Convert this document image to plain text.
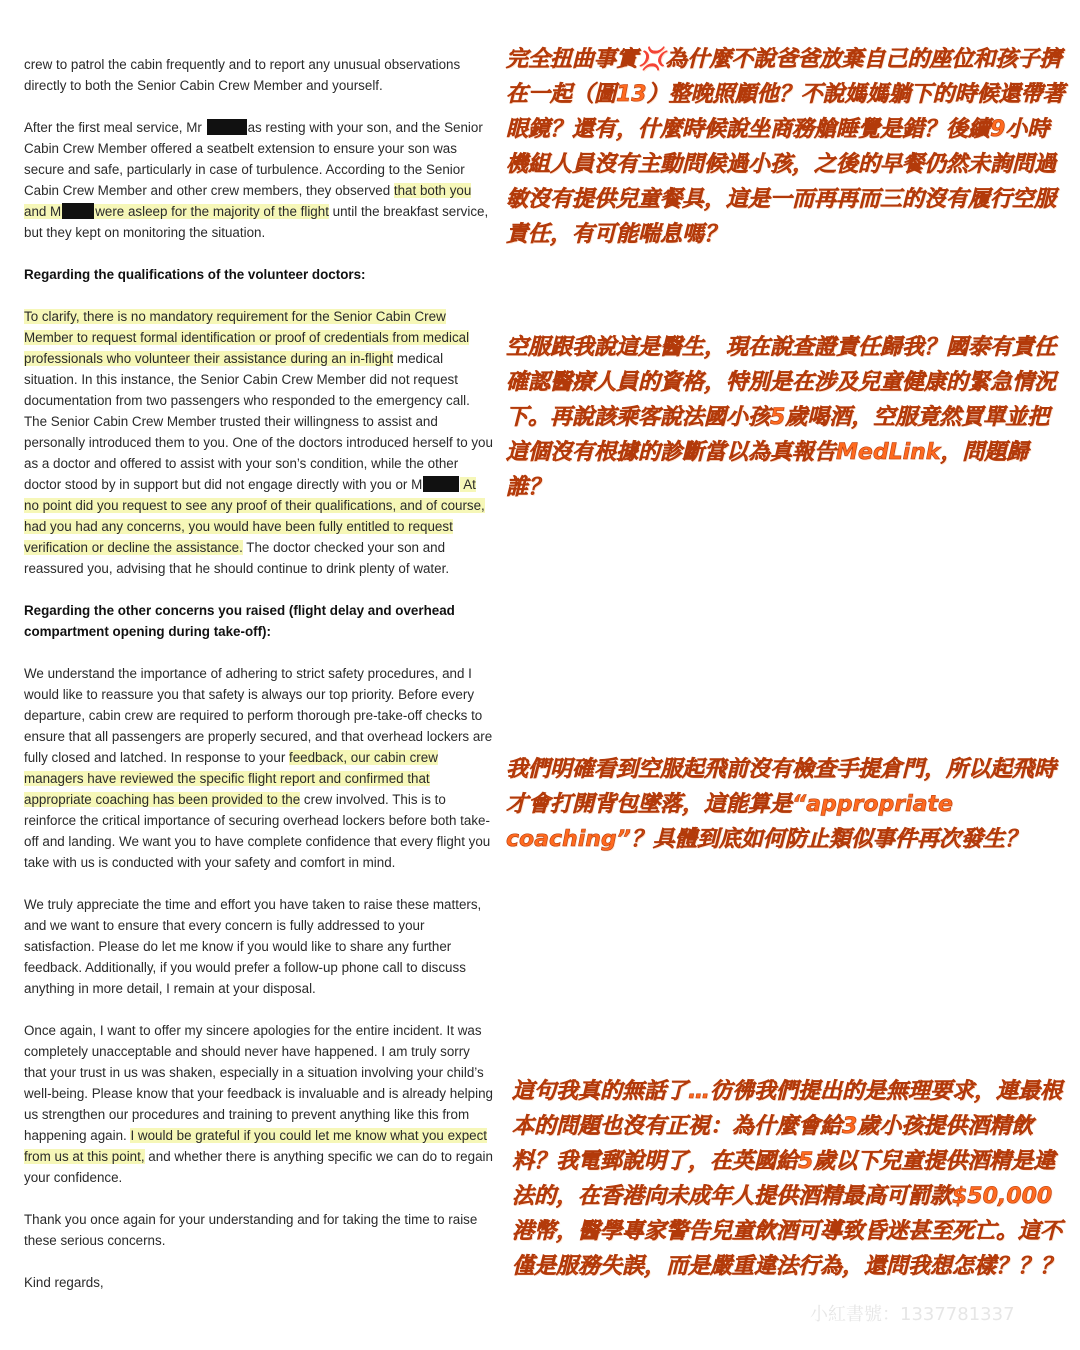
crew to patrol the cabin frequently and to report any unusual observations directly to both the Senior Cabin Crew Member and yourself.

After the first meal service, Mr	as resting with your son, and the Senior Cabin Crew Member offered a seatbelt extension to ensure your son was secure and safe, particularly in case of turbulence. According to the Senior Cabin Crew Member and other crew members, they observed that both you and M	were asleep for the majority of the flight until the breakfast service, but they kept on monitoring the situation.

Regarding the qualifications of the volunteer doctors:

To clarify, there is no mandatory requirement for the Senior Cabin Crew Member to request formal identification or proof of credentials from medical professionals who volunteer their assistance during an in-flight medical situation. In this instance, the Senior Cabin Crew Member did not request documentation from two passengers who responded to the emergency call. The Senior Cabin Crew Member trusted their willingness to assist and personally introduced them to you. One of the doctors introduced herself to you as a doctor and offered to assist with your son’s condition, while the other doctor stood by in support but did not engage directly with you or M	At no point did you request to see any proof of their qualifications, and of course, had you had any concerns, you would have been fully entitled to request verification or decline the assistance. The doctor checked your son and reassured you, advising that he should continue to drink plenty of water.

Regarding the other concerns you raised (flight delay and overhead compartment opening during take-off):

We understand the importance of adhering to strict safety procedures, and I would like to reassure you that safety is always our top priority. Before every departure, cabin crew are required to perform thorough pre-take-off checks to ensure that all passengers are properly secured, and that overhead lockers are fully closed and latched. In response to your feedback, our cabin crew managers have reviewed the specific flight report and confirmed that appropriate coaching has been provided to the crew involved. This is to reinforce the critical importance of securing overhead lockers before both take-off and landing. We want you to have complete confidence that every flight you take with us is conducted with your safety and comfort in mind.

We truly appreciate the time and effort you have taken to raise these matters, and we want to ensure that every concern is fully addressed to your satisfaction. Please do let me know if you would like to share any further feedback. Additionally, if you would prefer a follow-up phone call to discuss anything in more detail, I remain at your disposal.

Once again, I want to offer my sincere apologies for the entire incident. It was completely unacceptable and should never have happened. I am truly sorry that your trust in us was shaken, especially in a situation involving your child’s well-being. Please know that your feedback is invaluable and is already helping us strengthen our procedures and training to prevent anything like this from happening again. I would be grateful if you could let me know what you expect from us at this point, and whether there is anything specific we can do to regain your confidence.

Thank you once again for your understanding and for taking the time to raise these serious concerns.

Kind regards,

完全扭曲事實💢為什麼不說爸爸放棄自己的座位和孩子擠在一起（圖13）整晚照顧他？不說媽媽躺下的時候還帶著眼鏡？還有，什麼時候說坐商務艙睡覺是錯？後續9小時機組人員沒有主動問候過小孩，之後的早餐仍然未詢問過敏沒有提供兒童餐具，這是一而再再而三的沒有履行空服責任，有可能喘息嗎？
空服跟我說這是醫生，現在說查證責任歸我？國泰有責任確認醫療人員的資格，特別是在涉及兒童健康的緊急情況下。再說該乘客說法國小孩5歲喝酒，空服竟然買單並把這個沒有根據的診斷當以為真報告MedLink，問題歸誰？
我們明確看到空服起飛前沒有檢查手提倉門，所以起飛時才會打開背包墜落，這能算是“appropriate coaching”？具體到底如何防止類似事件再次發生？
這句我真的無話了…彷彿我們提出的是無理要求，連最根本的問題也沒有正視：為什麼會給3歲小孩提供酒精飲料？我電郵說明了，在英國給5歲以下兒童提供酒精是違法的，在香港向未成年人提供酒精最高可罰款$50,000港幣，醫學專家警告兒童飲酒可導致昏迷甚至死亡。這不僅是服務失誤，而是嚴重違法行為，還問我想怎樣？？？
小紅書號：1337781337
